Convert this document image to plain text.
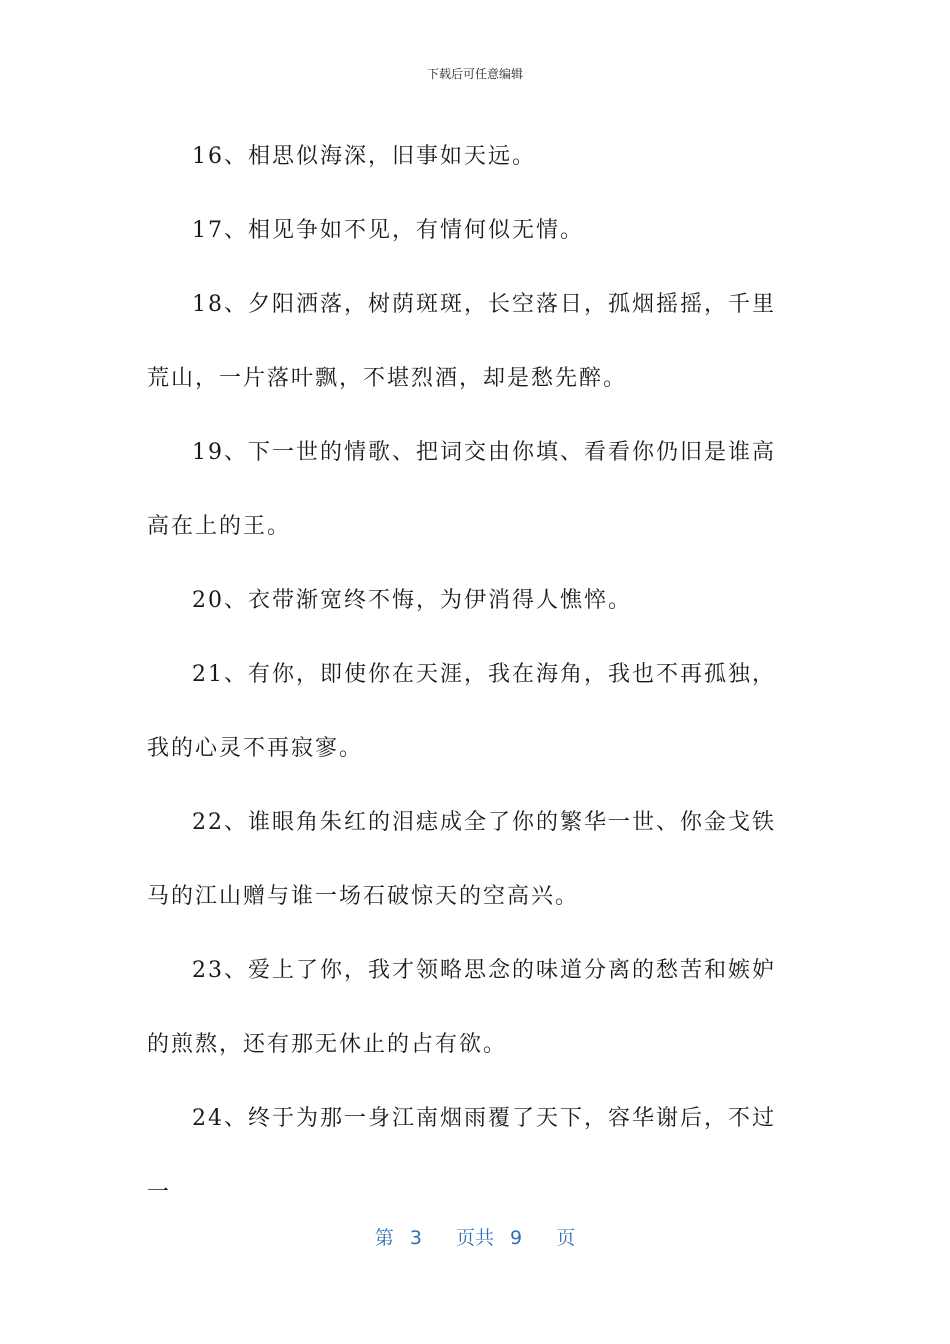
下载后可任意编辑

16、相思似海深，旧事如天远。

17、相见争如不见，有情何似无情。

18、夕阳洒落，树荫斑斑，长空落日，孤烟摇摇，千里荒山，一片落叶飘，不堪烈酒，却是愁先醉。

19、下一世的情歌、把词交由你填、看看你仍旧是谁高高在上的王。

20、衣带渐宽终不悔，为伊消得人憔悴。

21、有你，即使你在天涯，我在海角，我也不再孤独，我的心灵不再寂寥。

22、谁眼角朱红的泪痣成全了你的繁华一世、你金戈铁马的江山赠与谁一场石破惊天的空高兴。

23、爱上了你，我才领略思念的味道分离的愁苦和嫉妒的煎熬，还有那无休止的占有欲。

24、终于为那一身江南烟雨覆了天下，容华谢后，不过一

第 3 页共 9 页
